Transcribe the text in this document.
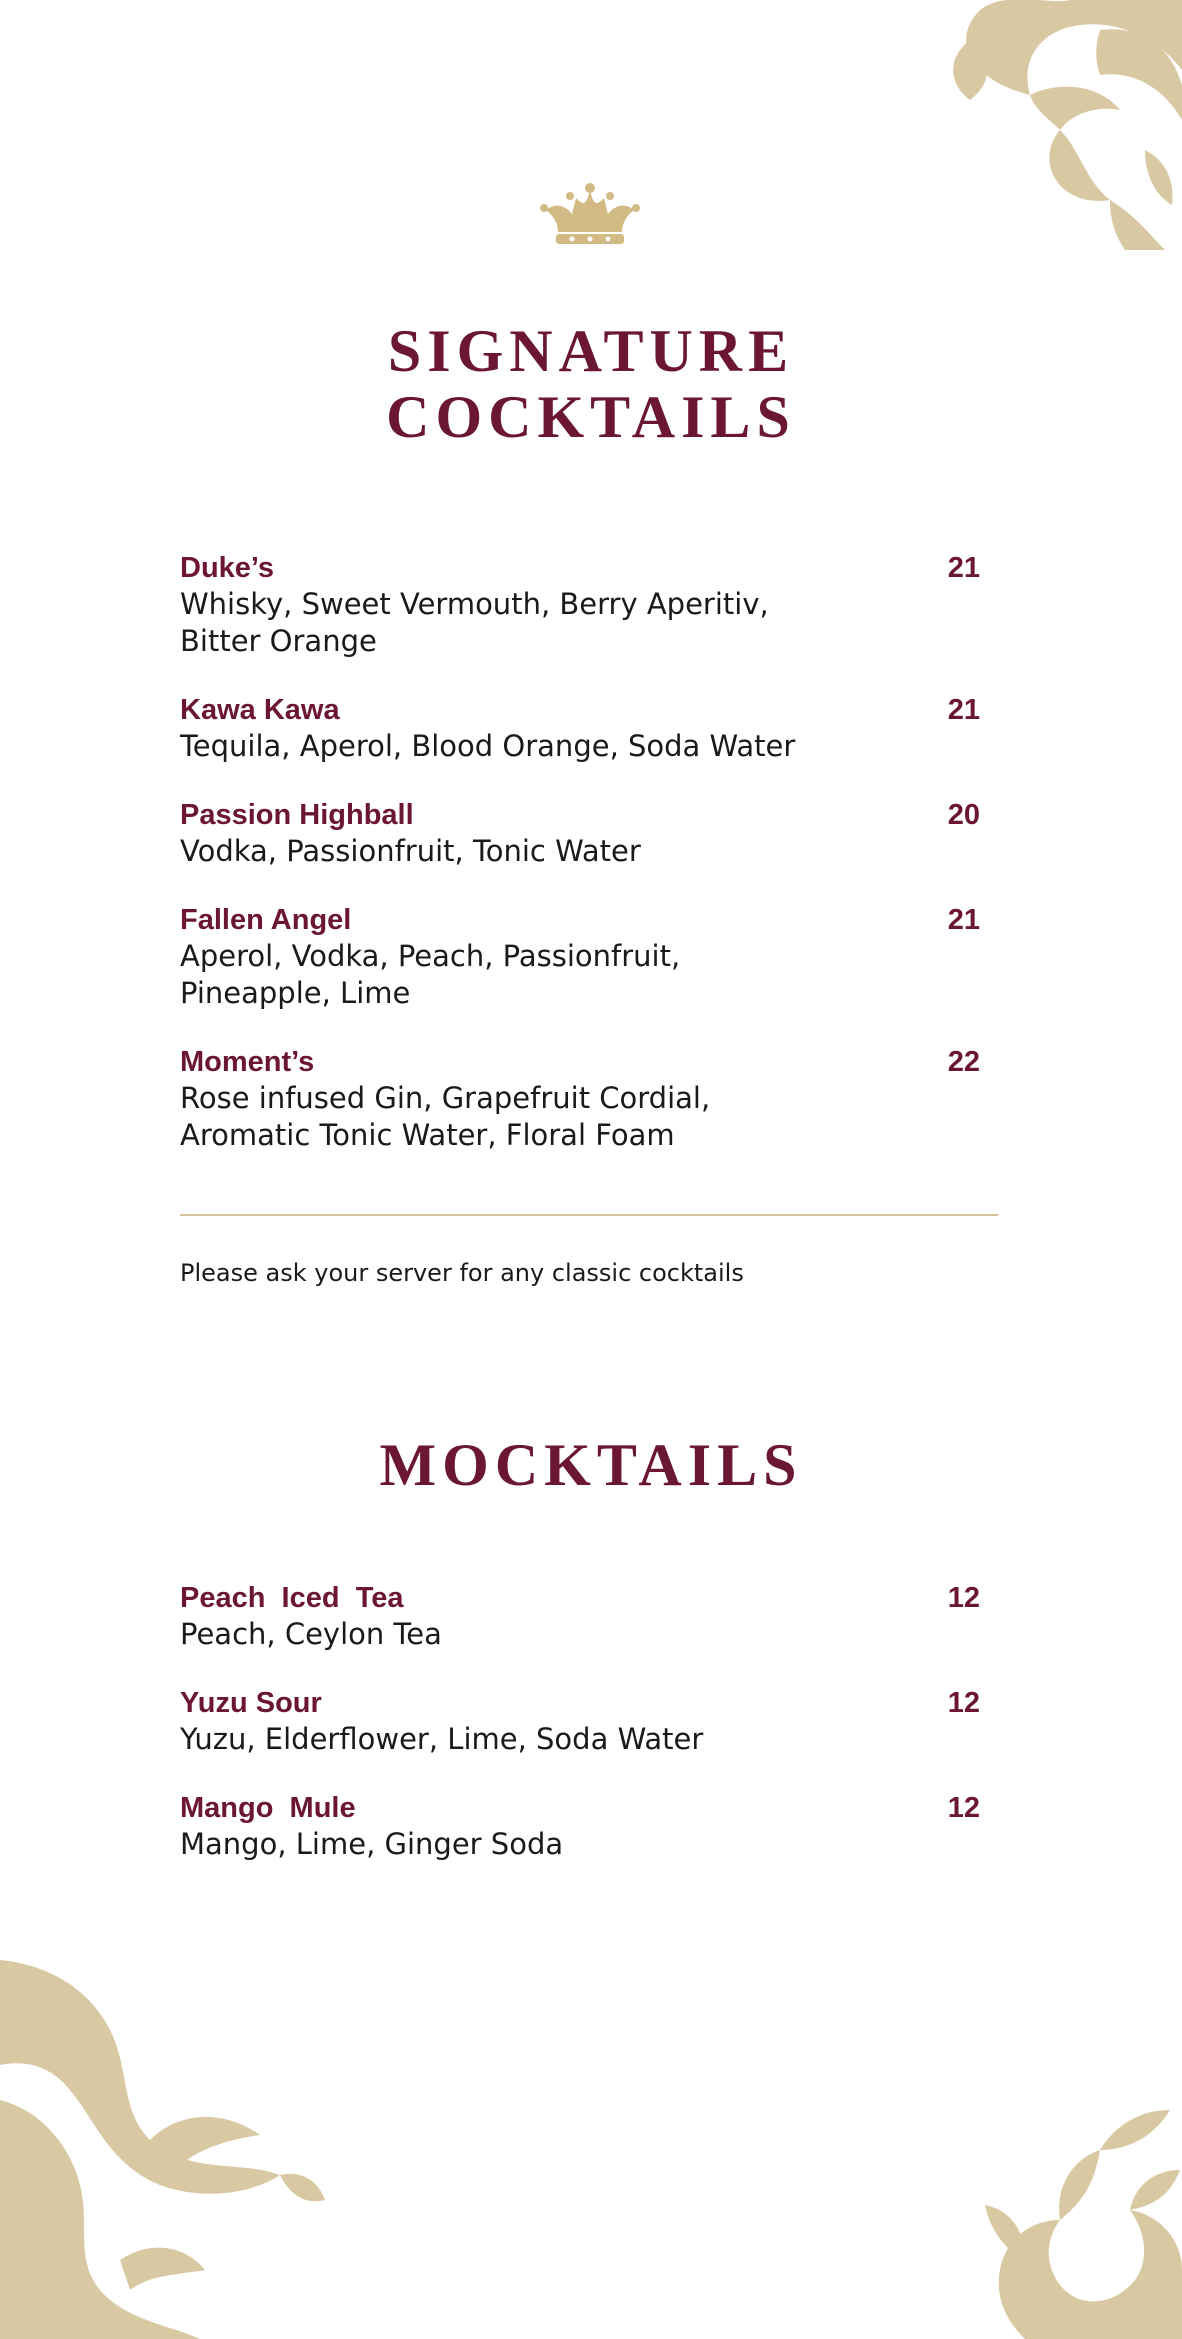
SIGNATURE
COCKTAILS
Duke’s	21
Whisky, Sweet Vermouth, Berry Aperitiv, Bitter Orange
Kawa Kawa	21
Tequila, Aperol, Blood Orange, Soda Water
Passion Highball	20
Vodka, Passionfruit, Tonic Water
Fallen Angel	21
Aperol, Vodka, Peach, Passionfruit, Pineapple, Lime
Moment’s	22
Rose infused Gin, Grapefruit Cordial, Aromatic Tonic Water, Floral Foam
Please ask your server for any classic cocktails
MOCKTAILS
Peach  Iced  Tea	12
Peach, Ceylon Tea
Yuzu Sour	12
Yuzu, Elderflower, Lime, Soda Water
Mango  Mule	12
Mango, Lime, Ginger Soda
